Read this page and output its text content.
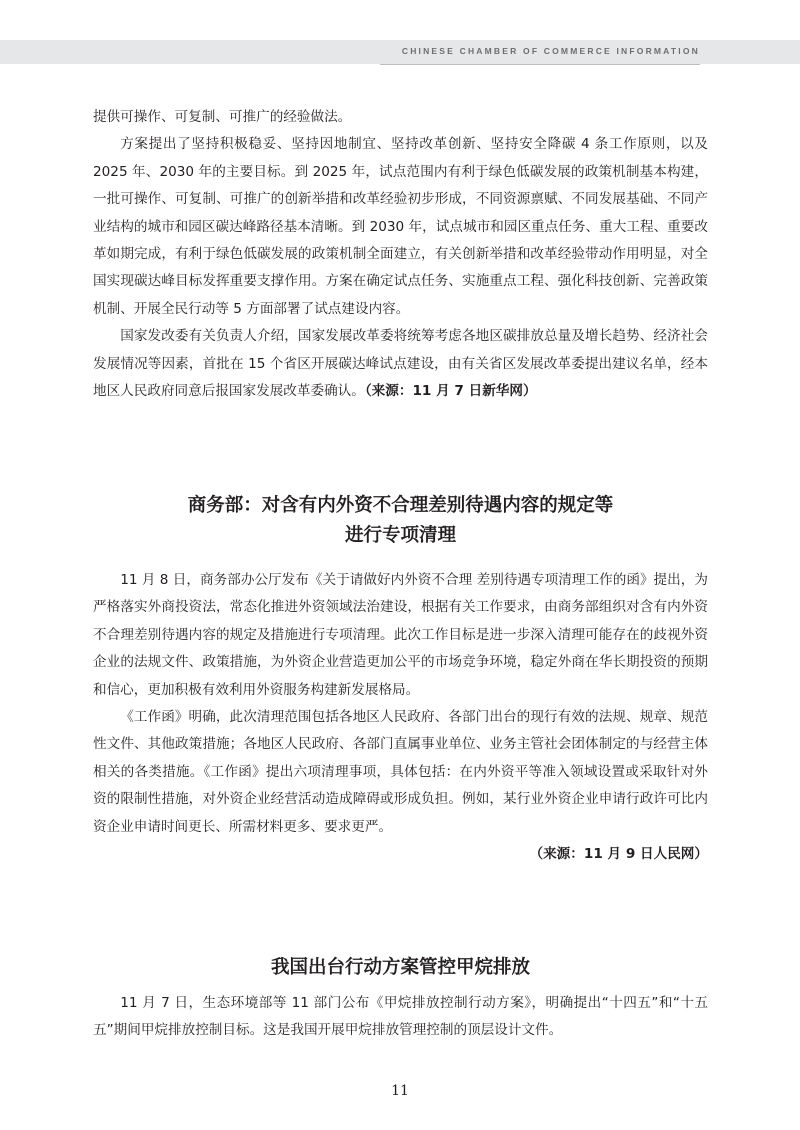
CHINESE CHAMBER OF COMMERCE INFORMATION

提供可操作、可复制、可推广的经验做法。

方案提出了坚持积极稳妥、坚持因地制宜、坚持改革创新、坚持安全降碳 4 条工作原则，以及 2025 年、2030 年的主要目标。到 2025 年，试点范围内有利于绿色低碳发展的政策机制基本构建，一批可操作、可复制、可推广的创新举措和改革经验初步形成，不同资源禀赋、不同发展基础、不同产业结构的城市和园区碳达峰路径基本清晰。到 2030 年，试点城市和园区重点任务、重大工程、重要改革如期完成，有利于绿色低碳发展的政策机制全面建立，有关创新举措和改革经验带动作用明显，对全国实现碳达峰目标发挥重要支撑作用。方案在确定试点任务、实施重点工程、强化科技创新、完善政策机制、开展全民行动等 5 方面部署了试点建设内容。

国家发改委有关负责人介绍，国家发展改革委将统筹考虑各地区碳排放总量及增长趋势、经济社会发展情况等因素，首批在 15 个省区开展碳达峰试点建设，由有关省区发展改革委提出建议名单，经本地区人民政府同意后报国家发展改革委确认。（来源：11 月 7 日新华网）

商务部：对含有内外资不合理差别待遇内容的规定等
进行专项清理

11 月 8 日，商务部办公厅发布《关于请做好内外资不合理 差别待遇专项清理工作的函》提出，为严格落实外商投资法，常态化推进外资领域法治建设，根据有关工作要求，由商务部组织对含有内外资不合理差别待遇内容的规定及措施进行专项清理。此次工作目标是进一步深入清理可能存在的歧视外资企业的法规文件、政策措施，为外资企业营造更加公平的市场竞争环境，稳定外商在华长期投资的预期和信心，更加积极有效利用外资服务构建新发展格局。

《工作函》明确，此次清理范围包括各地区人民政府、各部门出台的现行有效的法规、规章、规范性文件、其他政策措施；各地区人民政府、各部门直属事业单位、业务主管社会团体制定的与经营主体相关的各类措施。《工作函》提出六项清理事项，具体包括：在内外资平等准入领域设置或采取针对外资的限制性措施，对外资企业经营活动造成障碍或形成负担。例如，某行业外资企业申请行政许可比内资企业申请时间更长、所需材料更多、要求更严。

（来源：11 月 9 日人民网）

我国出台行动方案管控甲烷排放

11 月 7 日，生态环境部等 11 部门公布《甲烷排放控制行动方案》，明确提出“十四五”和“十五五”期间甲烷排放控制目标。这是我国开展甲烷排放管理控制的顶层设计文件。

11
